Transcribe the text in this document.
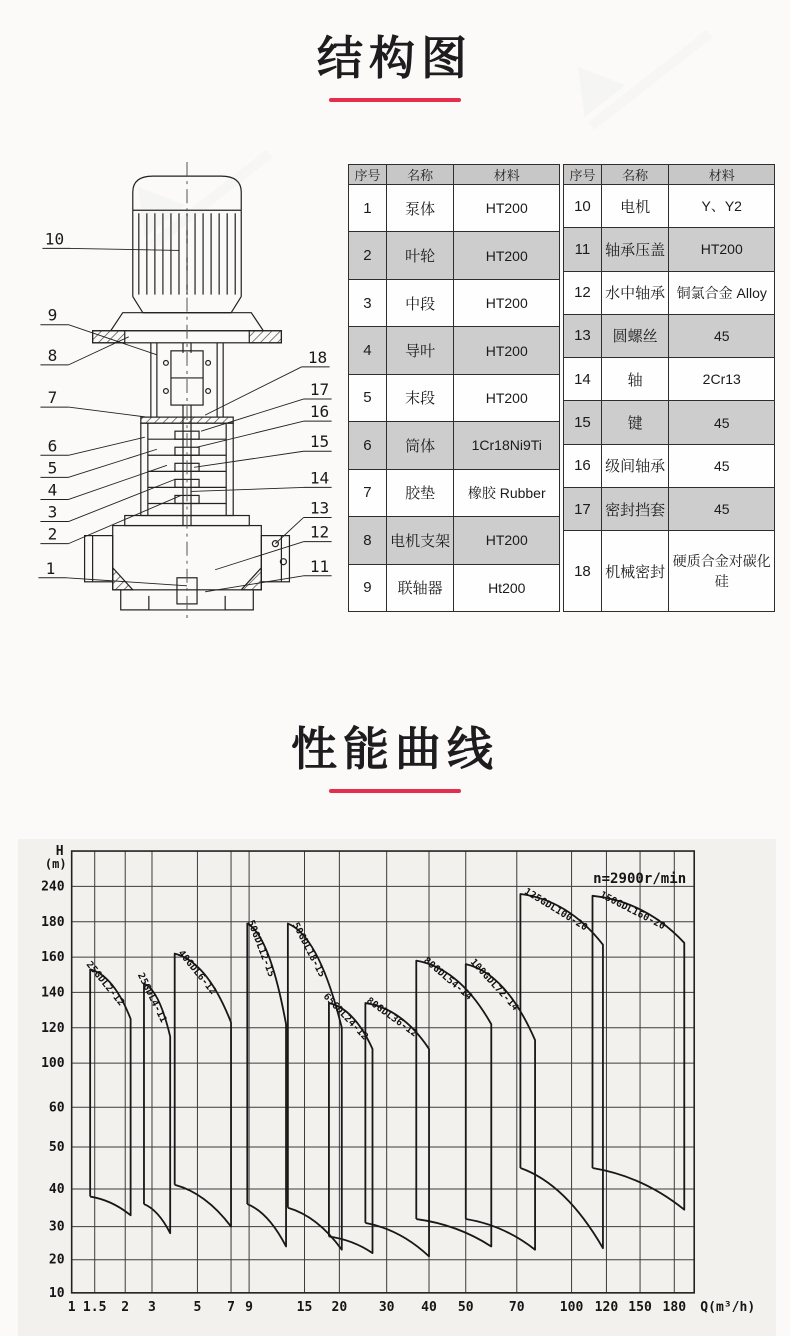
结构图
10
9
8
7
6
5
4
3
2
1
18
17
16
15
14
13
12
11
序号	名称	材料
1	泵体	HT200
2	叶轮	HT200
3	中段	HT200
4	导叶	HT200
5	末段	HT200
6	筒体	1Cr18Ni9Ti
7	胶垫	橡胶 Rubber
8	电机支架	HT200
9	联轴器	Ht200
序号	名称	材料
10	电机	Y、Y2
11	轴承压盖	HT200
12	水中轴承	铜氯合金 Alloy
13	圆螺丝	45
14	轴	2Cr13
15	键	45
16	级间轴承	45
17	密封挡套	45
18	机械密封	硬质合金对碳化硅
性能曲线
1 1.5 2 3	5 7 9	15 20 30 40 50	70	100 120 150 180
240
180
160
140
120
100
60
50
40
30
20
10
H
(m)
Q(m³/h)
n=2900r/min
25GDL2-12 25GDL4-11 40GDL6-12	50GDL12-15 50GDL18-15
65GDL24-12
80GDL36-12
80GDL54-14
100GDL72-14
125GDL100-20 150GDL160-20
